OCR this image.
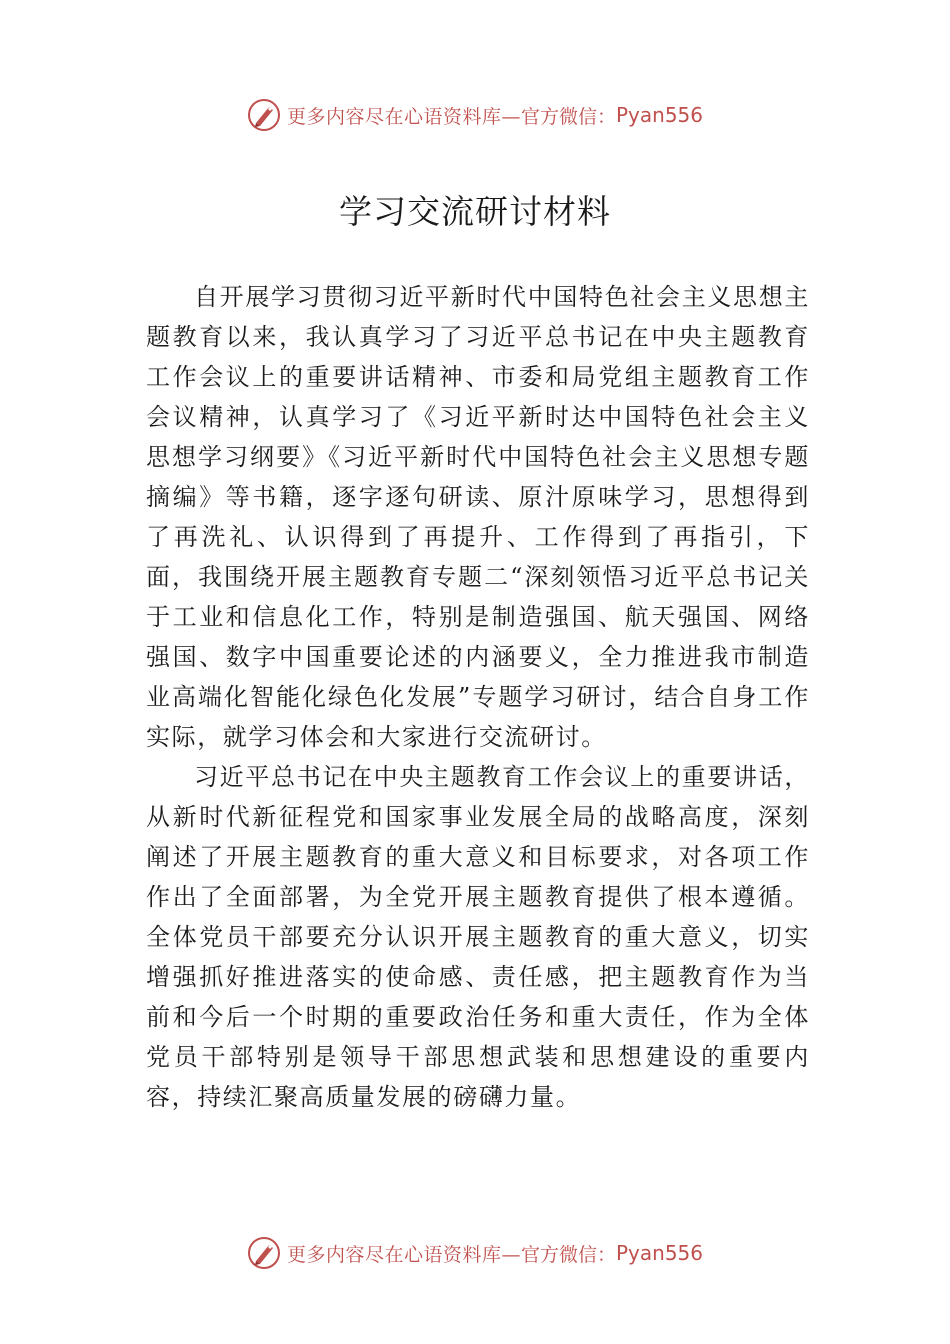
更多内容尽在心语资料库— 官方微信： Pyan556
学习交流研讨材料

自开展学习贯彻习近平新时代中国特色社会主义思想主题教育以来，我认真学习了习近平总书记在中央主题教育工作会议上的重要讲话精神、市委和局党组主题教育工作会议精神，认真学习了《习近平新时达中国特色社会主义思想学习纲要》《习近平新时代中国特色社会主义思想专题摘编》等书籍，逐字逐句研读、原汁原味学习，思想得到了再洗礼、认识得到了再提升、工作得到了再指引，下面，我围绕开展主题教育专题二“深刻领悟习近平总书记关于工业和信息化工作，特别是制造强国、航天强国、网络强国、数字中国重要论述的内涵要义，全力推进我市制造业高端化智能化绿色化发展”专题学习研讨，结合自身工作实际，就学习体会和大家进行交流研讨。

习近平总书记在中央主题教育工作会议上的重要讲话，从新时代新征程党和国家事业发展全局的战略高度，深刻阐述了开展主题教育的重大意义和目标要求，对各项工作作出了全面部署，为全党开展主题教育提供了根本遵循。全体党员干部要充分认识开展主题教育的重大意义，切实增强抓好推进落实的使命感、责任感，把主题教育作为当前和今后一个时期的重要政治任务和重大责任，作为全体党员干部特别是领导干部思想武装和思想建设的重要内容，持续汇聚高质量发展的磅礴力量。

更多内容尽在心语资料库— 官方微信： Pyan556
